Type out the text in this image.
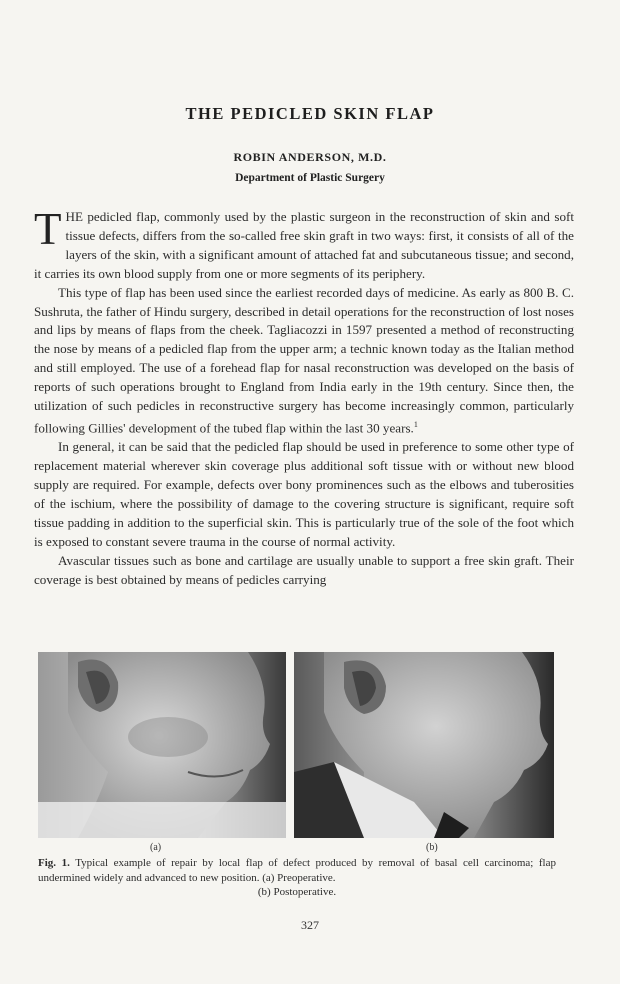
THE PEDICLED SKIN FLAP
ROBIN ANDERSON, M.D.
Department of Plastic Surgery

THE pedicled flap, commonly used by the plastic surgeon in the reconstruction of skin and soft tissue defects, differs from the so-called free skin graft in two ways: first, it consists of all of the layers of the skin, with a significant amount of attached fat and subcutaneous tissue; and second, it carries its own blood supply from one or more segments of its periphery.

This type of flap has been used since the earliest recorded days of medicine. As early as 800 B. C. Sushruta, the father of Hindu surgery, described in detail operations for the reconstruction of lost noses and lips by means of flaps from the cheek. Tagliacozzi in 1597 presented a method of reconstructing the nose by means of a pedicled flap from the upper arm; a technic known today as the Italian method and still employed. The use of a forehead flap for nasal reconstruction was developed on the basis of reports of such operations brought to England from India early in the 19th century. Since then, the utilization of such pedicles in reconstructive surgery has become increasingly common, particularly following Gillies' development of the tubed flap within the last 30 years.$^1$

In general, it can be said that the pedicled flap should be used in preference to some other type of replacement material wherever skin coverage plus additional soft tissue with or without new blood supply are required. For example, defects over bony prominences such as the elbows and tuberosities of the ischium, where the possibility of damage to the covering structure is significant, require soft tissue padding in addition to the superficial skin. This is particularly true of the sole of the foot which is exposed to constant severe trauma in the course of normal activity.

Avascular tissues such as bone and cartilage are usually unable to support a free skin graft. Their coverage is best obtained by means of pedicles carrying

(a)	(b)
Fig. 1. Typical example of repair by local flap of defect produced by removal of basal cell carcinoma; flap undermined widely and advanced to new position. (a) Preoperative.
(b) Postoperative.
327
